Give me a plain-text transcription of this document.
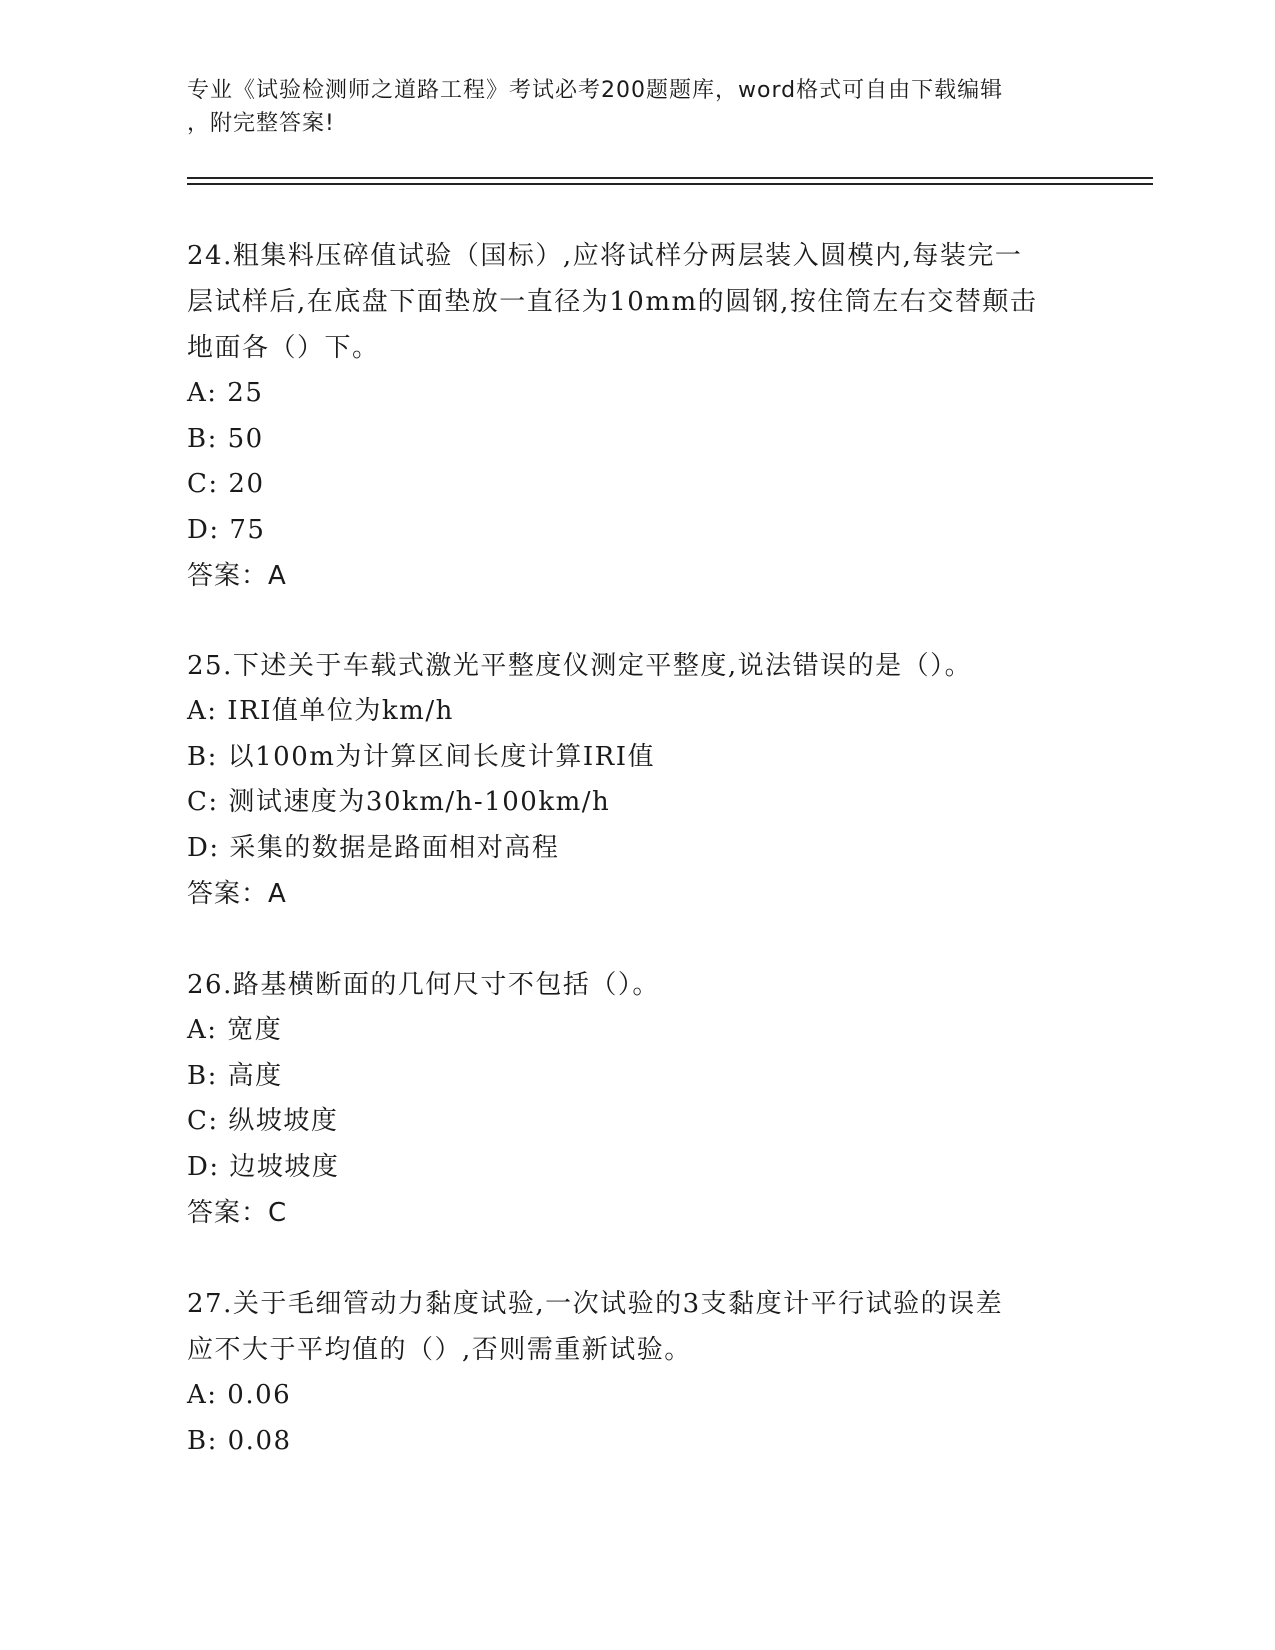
专业《试验检测师之道路工程》考试必考200题题库，word格式可自由下载编辑
，附完整答案!

24.粗集料压碎值试验（国标）,应将试样分两层装入圆模内,每装完一

层试样后,在底盘下面垫放一直径为10mm的圆钢,按住筒左右交替颠击

地面各（）下。

A: 25

B: 50

C: 20

D: 75

答案：A

25.下述关于车载式激光平整度仪测定平整度,说法错误的是（）。

A: IRI值单位为km/h

B: 以100m为计算区间长度计算IRI值

C: 测试速度为30km/h-100km/h

D: 采集的数据是路面相对高程

答案：A

26.路基横断面的几何尺寸不包括（）。

A: 宽度

B: 高度

C: 纵坡坡度

D: 边坡坡度

答案：C

27.关于毛细管动力黏度试验,一次试验的3支黏度计平行试验的误差

应不大于平均值的（）,否则需重新试验。

A: 0.06

B: 0.08
